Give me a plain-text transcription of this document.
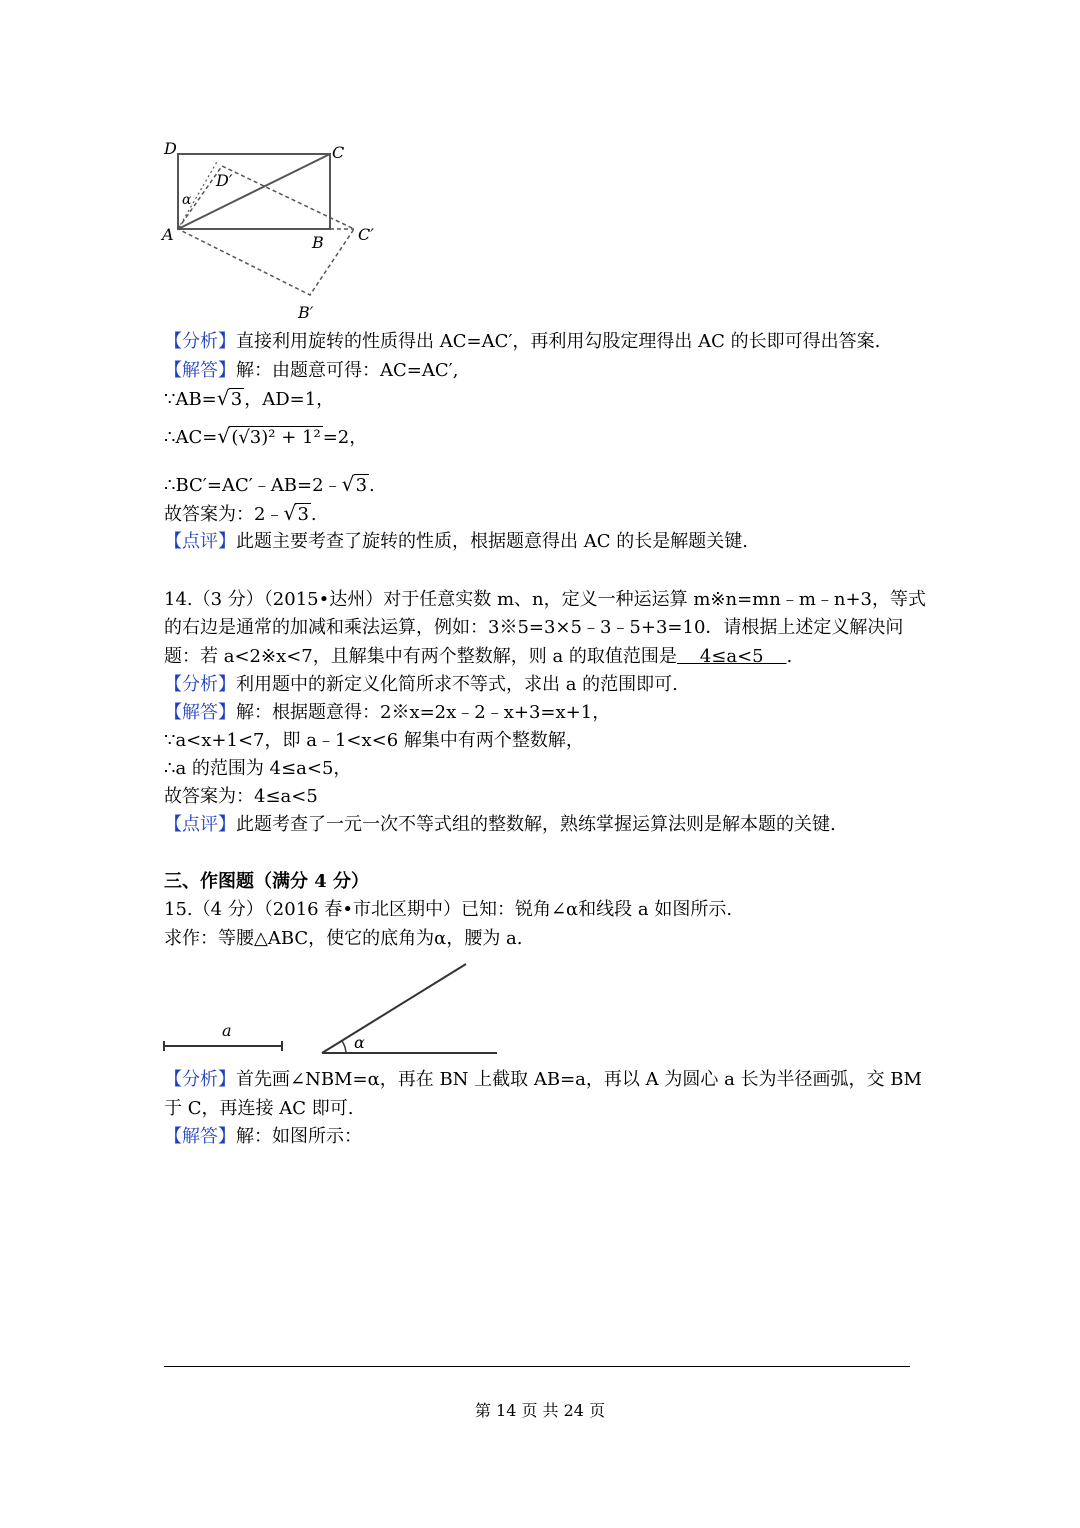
D	C
D′
α
A	B C′
B′
【分析】直接利用旋转的性质得出 AC=AC′，再利用勾股定理得出 AC 的长即可得出答案.
【解答】解：由题意可得：AC=AC′,
∵AB= √ 3 ，AD=1，
∴AC= √ (√3)² + 1² =2，
∴BC′=AC′﹣AB=2﹣ √ 3 .
故答案为：2﹣ √ 3 .
【点评】此题主要考查了旋转的性质，根据题意得出 AC 的长是解题关键.
14.（3 分）（2015•达州）对于任意实数 m、n，定义一种运运算 m※n=mn﹣m﹣n+3，等式
的右边是通常的加减和乘法运算，例如：3※5=3×5﹣3﹣5+3=10．请根据上述定义解决问
题：若 a<2※x<7，且解集中有两个整数解，则 a 的取值范围是    4≤a<5    .
【分析】利用题中的新定义化简所求不等式，求出 a 的范围即可.
【解答】解：根据题意得：2※x=2x﹣2﹣x+3=x+1，
∵a<x+1<7，即 a﹣1<x<6 解集中有两个整数解，
∴a 的范围为 4≤a<5，
故答案为：4≤a<5
【点评】此题考查了一元一次不等式组的整数解，熟练掌握运算法则是解本题的关键.
三、作图题（满分 4 分）
15.（4 分）（2016 春•市北区期中）已知：锐角∠α和线段 a 如图所示.
求作：等腰△ABC，使它的底角为α，腰为 a.
a
α
【分析】首先画∠NBM=α，再在 BN 上截取 AB=a，再以 A 为圆心 a 长为半径画弧，交 BM
于 C，再连接 AC 即可.
【解答】解：如图所示：
第 14 页 共 24 页
